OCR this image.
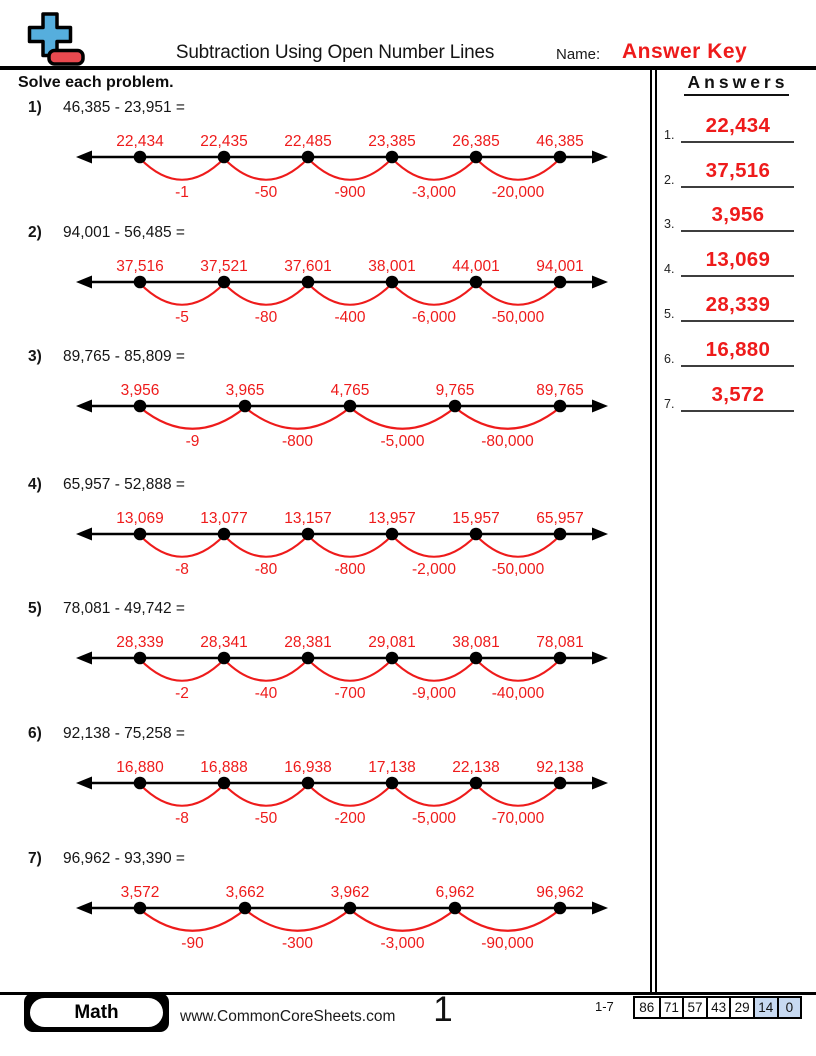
Subtraction Using Open Number Lines	Name: Answer Key
Solve each problem.
1)	46,385 - 23,951 =
-1	-50	-900	-3,000 -20,000
22,434 22,435 22,485 23,385 26,385 46,385
2)	94,001 - 56,485 =
-5	-80	-400	-6,000 -50,000
37,516 37,521 37,601 38,001 44,001 94,001
3)	89,765 - 85,809 =
-9	-800	-5,000	-80,000
3,956	3,965	4,765	9,765	89,765
4)	65,957 - 52,888 =
-8	-80	-800	-2,000 -50,000
13,069 13,077 13,157 13,957 15,957 65,957
5)	78,081 - 49,742 =
-2	-40	-700	-9,000 -40,000
28,339 28,341 28,381 29,081 38,081 78,081
6)	92,138 - 75,258 =
-8	-50	-200	-5,000 -70,000
16,880 16,888 16,938 17,138 22,138 92,138
7)	96,962 - 93,390 =
-90	-300	-3,000	-90,000
3,572	3,662	3,962	6,962	96,962
Answers
1.	22,434
2.	37,516
3.	3,956
4.	13,069
5.	28,339
6.	16,880
7.	3,572
Math	www.CommonCoreSheets.com	1	1-7	86 71 57 43 29 14 0
